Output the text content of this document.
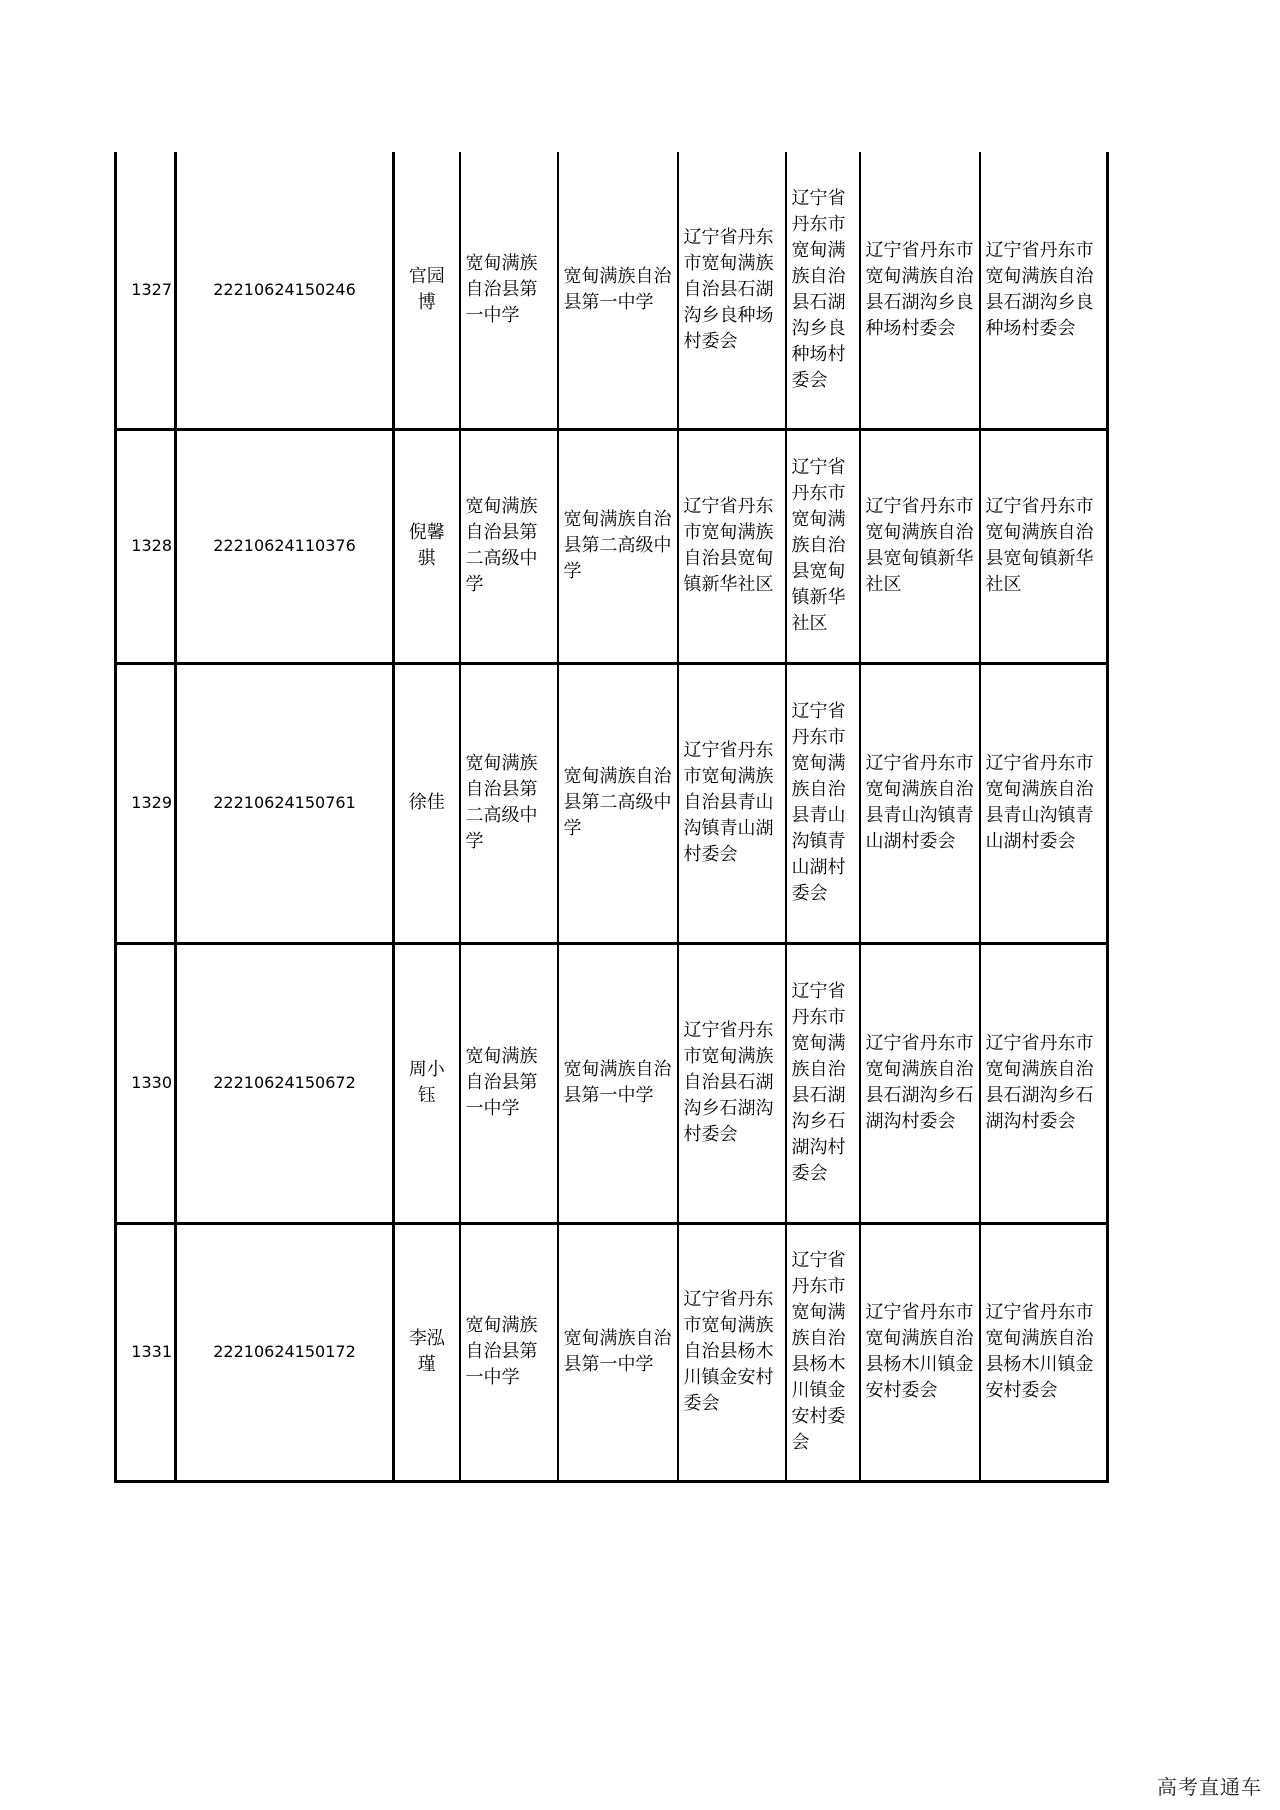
1327	22210624150246	官园博	宽甸满族自治县第一中学	宽甸满族自治县第一中学	辽宁省丹东市宽甸满族自治县石湖沟乡良种场村委会	辽宁省丹东市宽甸满族自治县石湖沟乡良种场村委会	辽宁省丹东市宽甸满族自治县石湖沟乡良种场村委会	辽宁省丹东市宽甸满族自治县石湖沟乡良种场村委会
1328	22210624110376	倪馨骐	宽甸满族自治县第二高级中学	宽甸满族自治县第二高级中学	辽宁省丹东市宽甸满族自治县宽甸镇新华社区	辽宁省丹东市宽甸满族自治县宽甸镇新华社区	辽宁省丹东市宽甸满族自治县宽甸镇新华社区	辽宁省丹东市宽甸满族自治县宽甸镇新华社区
1329	22210624150761	徐佳	宽甸满族自治县第二高级中学	宽甸满族自治县第二高级中学	辽宁省丹东市宽甸满族自治县青山沟镇青山湖村委会	辽宁省丹东市宽甸满族自治县青山沟镇青山湖村委会	辽宁省丹东市宽甸满族自治县青山沟镇青山湖村委会	辽宁省丹东市宽甸满族自治县青山沟镇青山湖村委会
1330	22210624150672	周小钰	宽甸满族自治县第一中学	宽甸满族自治县第一中学	辽宁省丹东市宽甸满族自治县石湖沟乡石湖沟村委会	辽宁省丹东市宽甸满族自治县石湖沟乡石湖沟村委会	辽宁省丹东市宽甸满族自治县石湖沟乡石湖沟村委会	辽宁省丹东市宽甸满族自治县石湖沟乡石湖沟村委会
1331	22210624150172	李泓瑾	宽甸满族自治县第一中学	宽甸满族自治县第一中学	辽宁省丹东市宽甸满族自治县杨木川镇金安村委会	辽宁省丹东市宽甸满族自治县杨木川镇金安村委会	辽宁省丹东市宽甸满族自治县杨木川镇金安村委会	辽宁省丹东市宽甸满族自治县杨木川镇金安村委会
高考直通车
